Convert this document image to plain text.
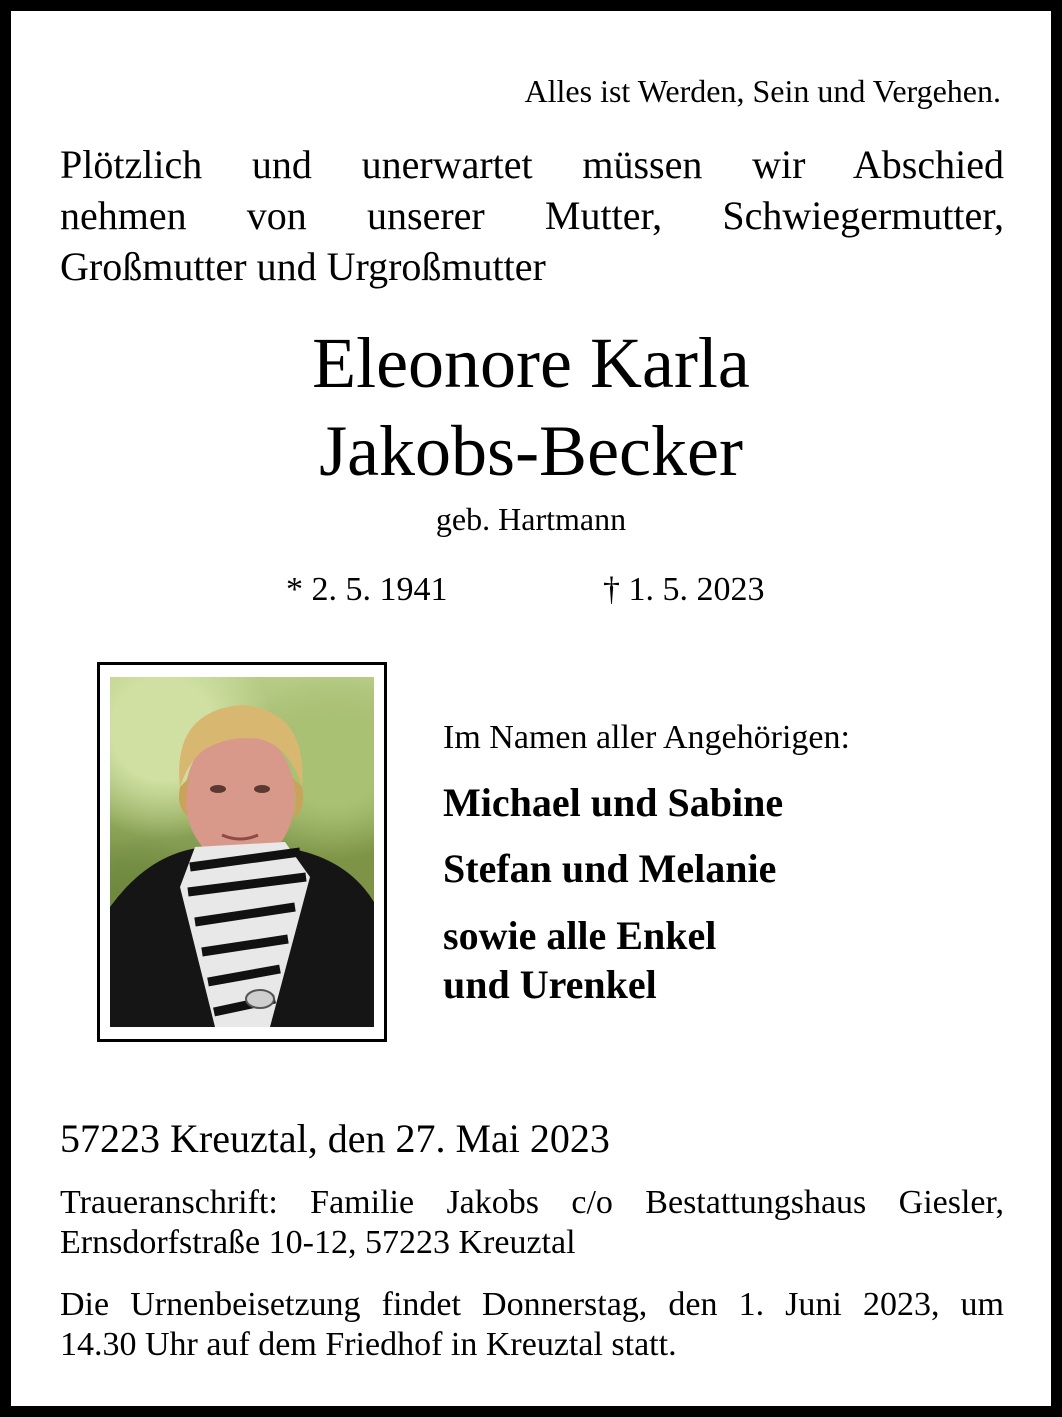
Alles ist Werden, Sein und Vergehen.

Plötzlich und unerwartet müssen wir Abschied
nehmen von unserer Mutter, Schwiegermutter,
Großmutter und Urgroßmutter
Eleonore Karla
Jakobs-Becker
geb. Hartmann
* 2. 5. 1941	† 1. 5. 2023
Im Namen aller Angehörigen:
Michael und Sabine
Stefan und Melanie
sowie alle Enkel
und Urenkel
57223 Kreuztal, den 27. Mai 2023
Traueranschrift: Familie Jakobs c/o Bestattungshaus Giesler,
Ernsdorfstraße 10-12, 57223 Kreuztal
Die Urnenbeisetzung findet Donnerstag, den 1. Juni 2023, um
14.30 Uhr auf dem Friedhof in Kreuztal statt.
